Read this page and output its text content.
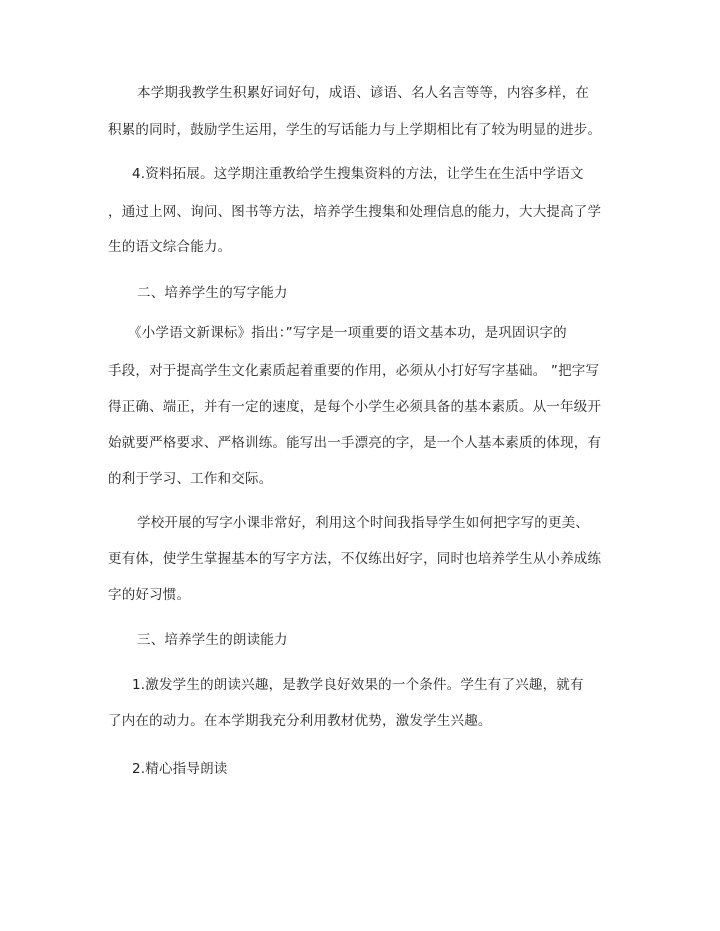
本学期我教学生积累好词好句，成语、谚语、名人名言等等，内容多样，在
积累的同时，鼓励学生运用，学生的写话能力与上学期相比有了较为明显的进步。
4.资料拓展。这学期注重教给学生搜集资料的方法，让学生在生活中学语文
，通过上网、询问、图书等方法，培养学生搜集和处理信息的能力，大大提高了学
生的语文综合能力。
二、培养学生的写字能力
《小学语文新课标》指出：”写字是一项重要的语文基本功，是巩固识字的
手段，对于提高学生文化素质起着重要的作用，必须从小打好写字基础。 ”把字写
得正确、端正，并有一定的速度，是每个小学生必须具备的基本素质。从一年级开
始就要严格要求、严格训练。能写出一手漂亮的字，是一个人基本素质的体现，有
的利于学习、工作和交际。
学校开展的写字小课非常好，利用这个时间我指导学生如何把字写的更美、
更有体，使学生掌握基本的写字方法，不仅练出好字，同时也培养学生从小养成练
字的好习惯。
三、培养学生的朗读能力
1.激发学生的朗读兴趣，是教学良好效果的一个条件。学生有了兴趣，就有
了内在的动力。在本学期我充分利用教材优势，激发学生兴趣。
2.精心指导朗读
